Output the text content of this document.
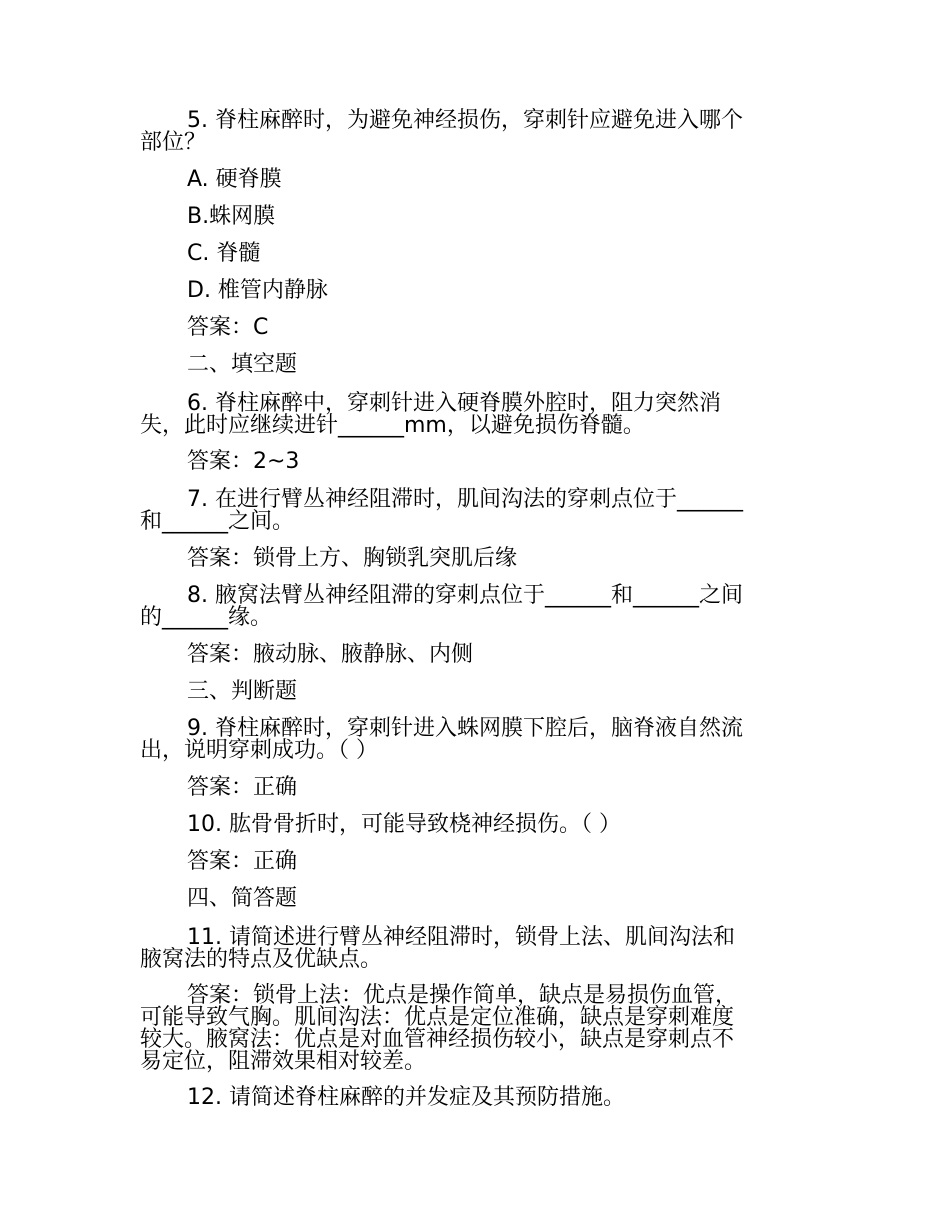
5. 脊柱麻醉时，为避免神经损伤，穿刺针应避免进入哪个
部位？
A. 硬脊膜
B.蛛网膜
C. 脊髓
D. 椎管内静脉
答案：C
二、填空题
6. 脊柱麻醉中，穿刺针进入硬脊膜外腔时，阻力突然消
失，此时应继续进针______mm，以避免损伤脊髓。
答案：2~3
7. 在进行臂丛神经阻滞时，肌间沟法的穿刺点位于______
和______之间。
答案：锁骨上方、胸锁乳突肌后缘
8. 腋窝法臂丛神经阻滞的穿刺点位于______和______之间
的______缘。
答案：腋动脉、腋静脉、内侧
三、判断题
9. 脊柱麻醉时，穿刺针进入蛛网膜下腔后，脑脊液自然流
出，说明穿刺成功。（ ）
答案：正确
10. 肱骨骨折时，可能导致桡神经损伤。（ ）
答案：正确
四、简答题
11. 请简述进行臂丛神经阻滞时，锁骨上法、肌间沟法和
腋窝法的特点及优缺点。
答案：锁骨上法：优点是操作简单，缺点是易损伤血管，
可能导致气胸。肌间沟法：优点是定位准确，缺点是穿刺难度
较大。腋窝法：优点是对血管神经损伤较小，缺点是穿刺点不
易定位，阻滞效果相对较差。
12. 请简述脊柱麻醉的并发症及其预防措施。
